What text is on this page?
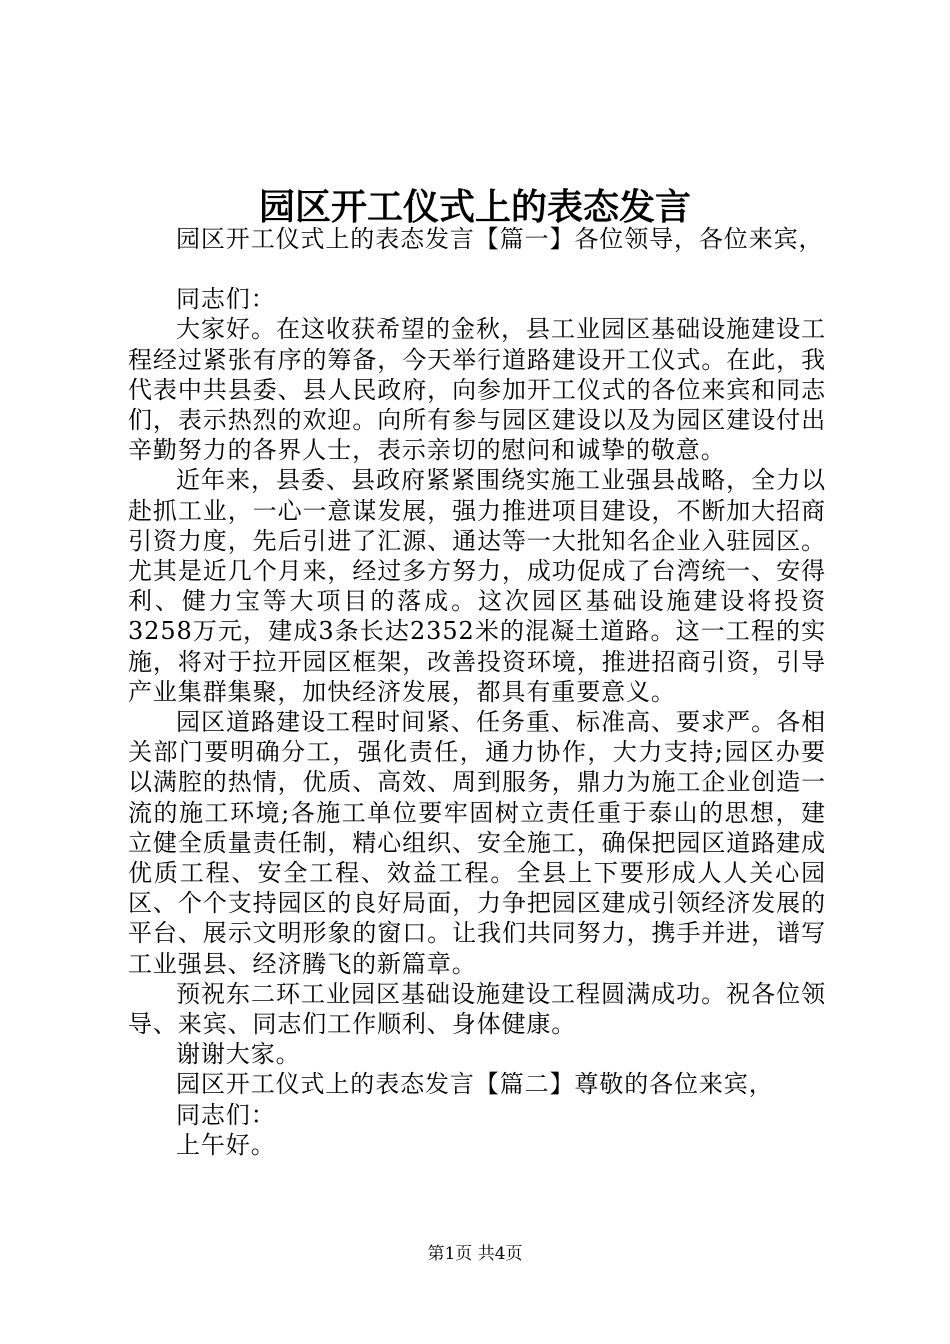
园区开工仪式上的表态发言

园区开工仪式上的表态发言【篇一】各位领导，各位来宾，

同志们：

大家好。在这收获希望的金秋，县工业园区基础设施建设工程经过紧张有序的筹备，今天举行道路建设开工仪式。在此，我代表中共县委、县人民政府，向参加开工仪式的各位来宾和同志们，表示热烈的欢迎。向所有参与园区建设以及为园区建设付出辛勤努力的各界人士，表示亲切的慰问和诚挚的敬意。

近年来，县委、县政府紧紧围绕实施工业强县战略，全力以赴抓工业，一心一意谋发展，强力推进项目建设，不断加大招商引资力度，先后引进了汇源、通达等一大批知名企业入驻园区。尤其是近几个月来，经过多方努力，成功促成了台湾统一、安得利、健力宝等大项目的落成。这次园区基础设施建设将投资3258万元，建成3条长达2352米的混凝土道路。这一工程的实施，将对于拉开园区框架，改善投资环境，推进招商引资，引导产业集群集聚，加快经济发展，都具有重要意义。

园区道路建设工程时间紧、任务重、标准高、要求严。各相关部门要明确分工，强化责任，通力协作，大力支持;园区办要以满腔的热情，优质、高效、周到服务，鼎力为施工企业创造一流的施工环境;各施工单位要牢固树立责任重于泰山的思想，建立健全质量责任制，精心组织、安全施工，确保把园区道路建成优质工程、安全工程、效益工程。全县上下要形成人人关心园区、个个支持园区的良好局面，力争把园区建成引领经济发展的平台、展示文明形象的窗口。让我们共同努力，携手并进，谱写工业强县、经济腾飞的新篇章。

预祝东二环工业园区基础设施建设工程圆满成功。祝各位领导、来宾、同志们工作顺利、身体健康。

谢谢大家。

园区开工仪式上的表态发言【篇二】尊敬的各位来宾，

同志们：

上午好。

第1页 共4页
